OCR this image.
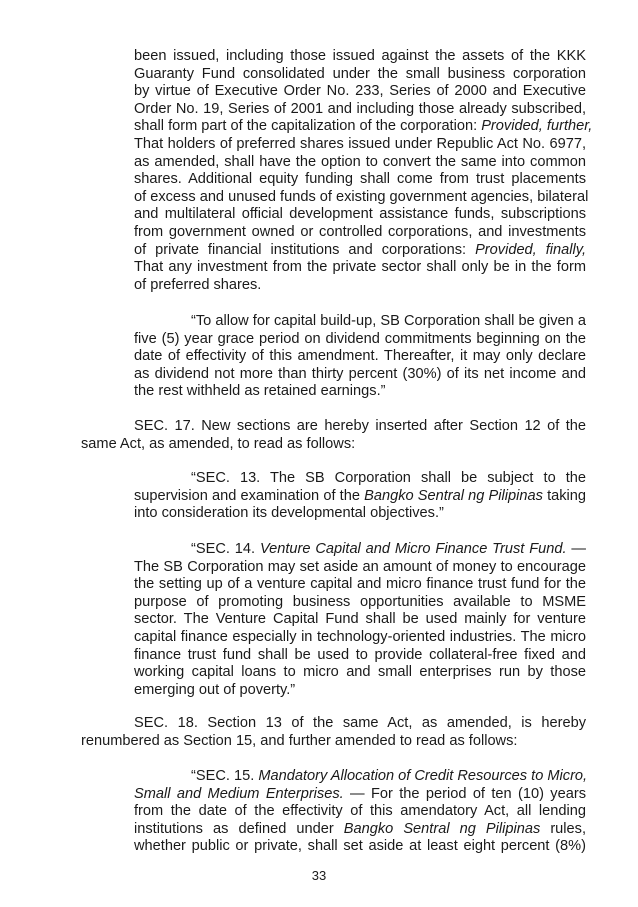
been issued, including those issued against the assets of the KKK
Guaranty Fund consolidated under the small business corporation
by virtue of Executive Order No. 233, Series of 2000 and Executive
Order No. 19, Series of 2001 and including those already subscribed,
shall form part of the capitalization of the corporation: Provided, further,
That holders of preferred shares issued under Republic Act No. 6977,
as amended, shall have the option to convert the same into common
shares. Additional equity funding shall come from trust placements
of excess and unused funds of existing government agencies, bilateral
and multilateral official development assistance funds, subscriptions
from government owned or controlled corporations, and investments
of private financial institutions and corporations: Provided, finally,
That any investment from the private sector shall only be in the form
of preferred shares.
“To allow for capital build-up, SB Corporation shall be given a
five (5) year grace period on dividend commitments beginning on the
date of effectivity of this amendment. Thereafter, it may only declare
as dividend not more than thirty percent (30%) of its net income and
the rest withheld as retained earnings.”
SEC. 17. New sections are hereby inserted after Section 12 of the
same Act, as amended, to read as follows:
“SEC. 13. The SB Corporation shall be subject to the
supervision and examination of the Bangko Sentral ng Pilipinas taking
into consideration its developmental objectives.”
“SEC. 14. Venture Capital and Micro Finance Trust Fund. —
The SB Corporation may set aside an amount of money to encourage
the setting up of a venture capital and micro finance trust fund for the
purpose of promoting business opportunities available to MSME
sector. The Venture Capital Fund shall be used mainly for venture
capital finance especially in technology-oriented industries. The micro
finance trust fund shall be used to provide collateral-free fixed and
working capital loans to micro and small enterprises run by those
emerging out of poverty.”
SEC. 18. Section 13 of the same Act, as amended, is hereby
renumbered as Section 15, and further amended to read as follows:
“SEC. 15. Mandatory Allocation of Credit Resources to Micro,
Small and Medium Enterprises. — For the period of ten (10) years
from the date of the effectivity of this amendatory Act, all lending
institutions as defined under Bangko Sentral ng Pilipinas rules,
whether public or private, shall set aside at least eight percent (8%)
33
